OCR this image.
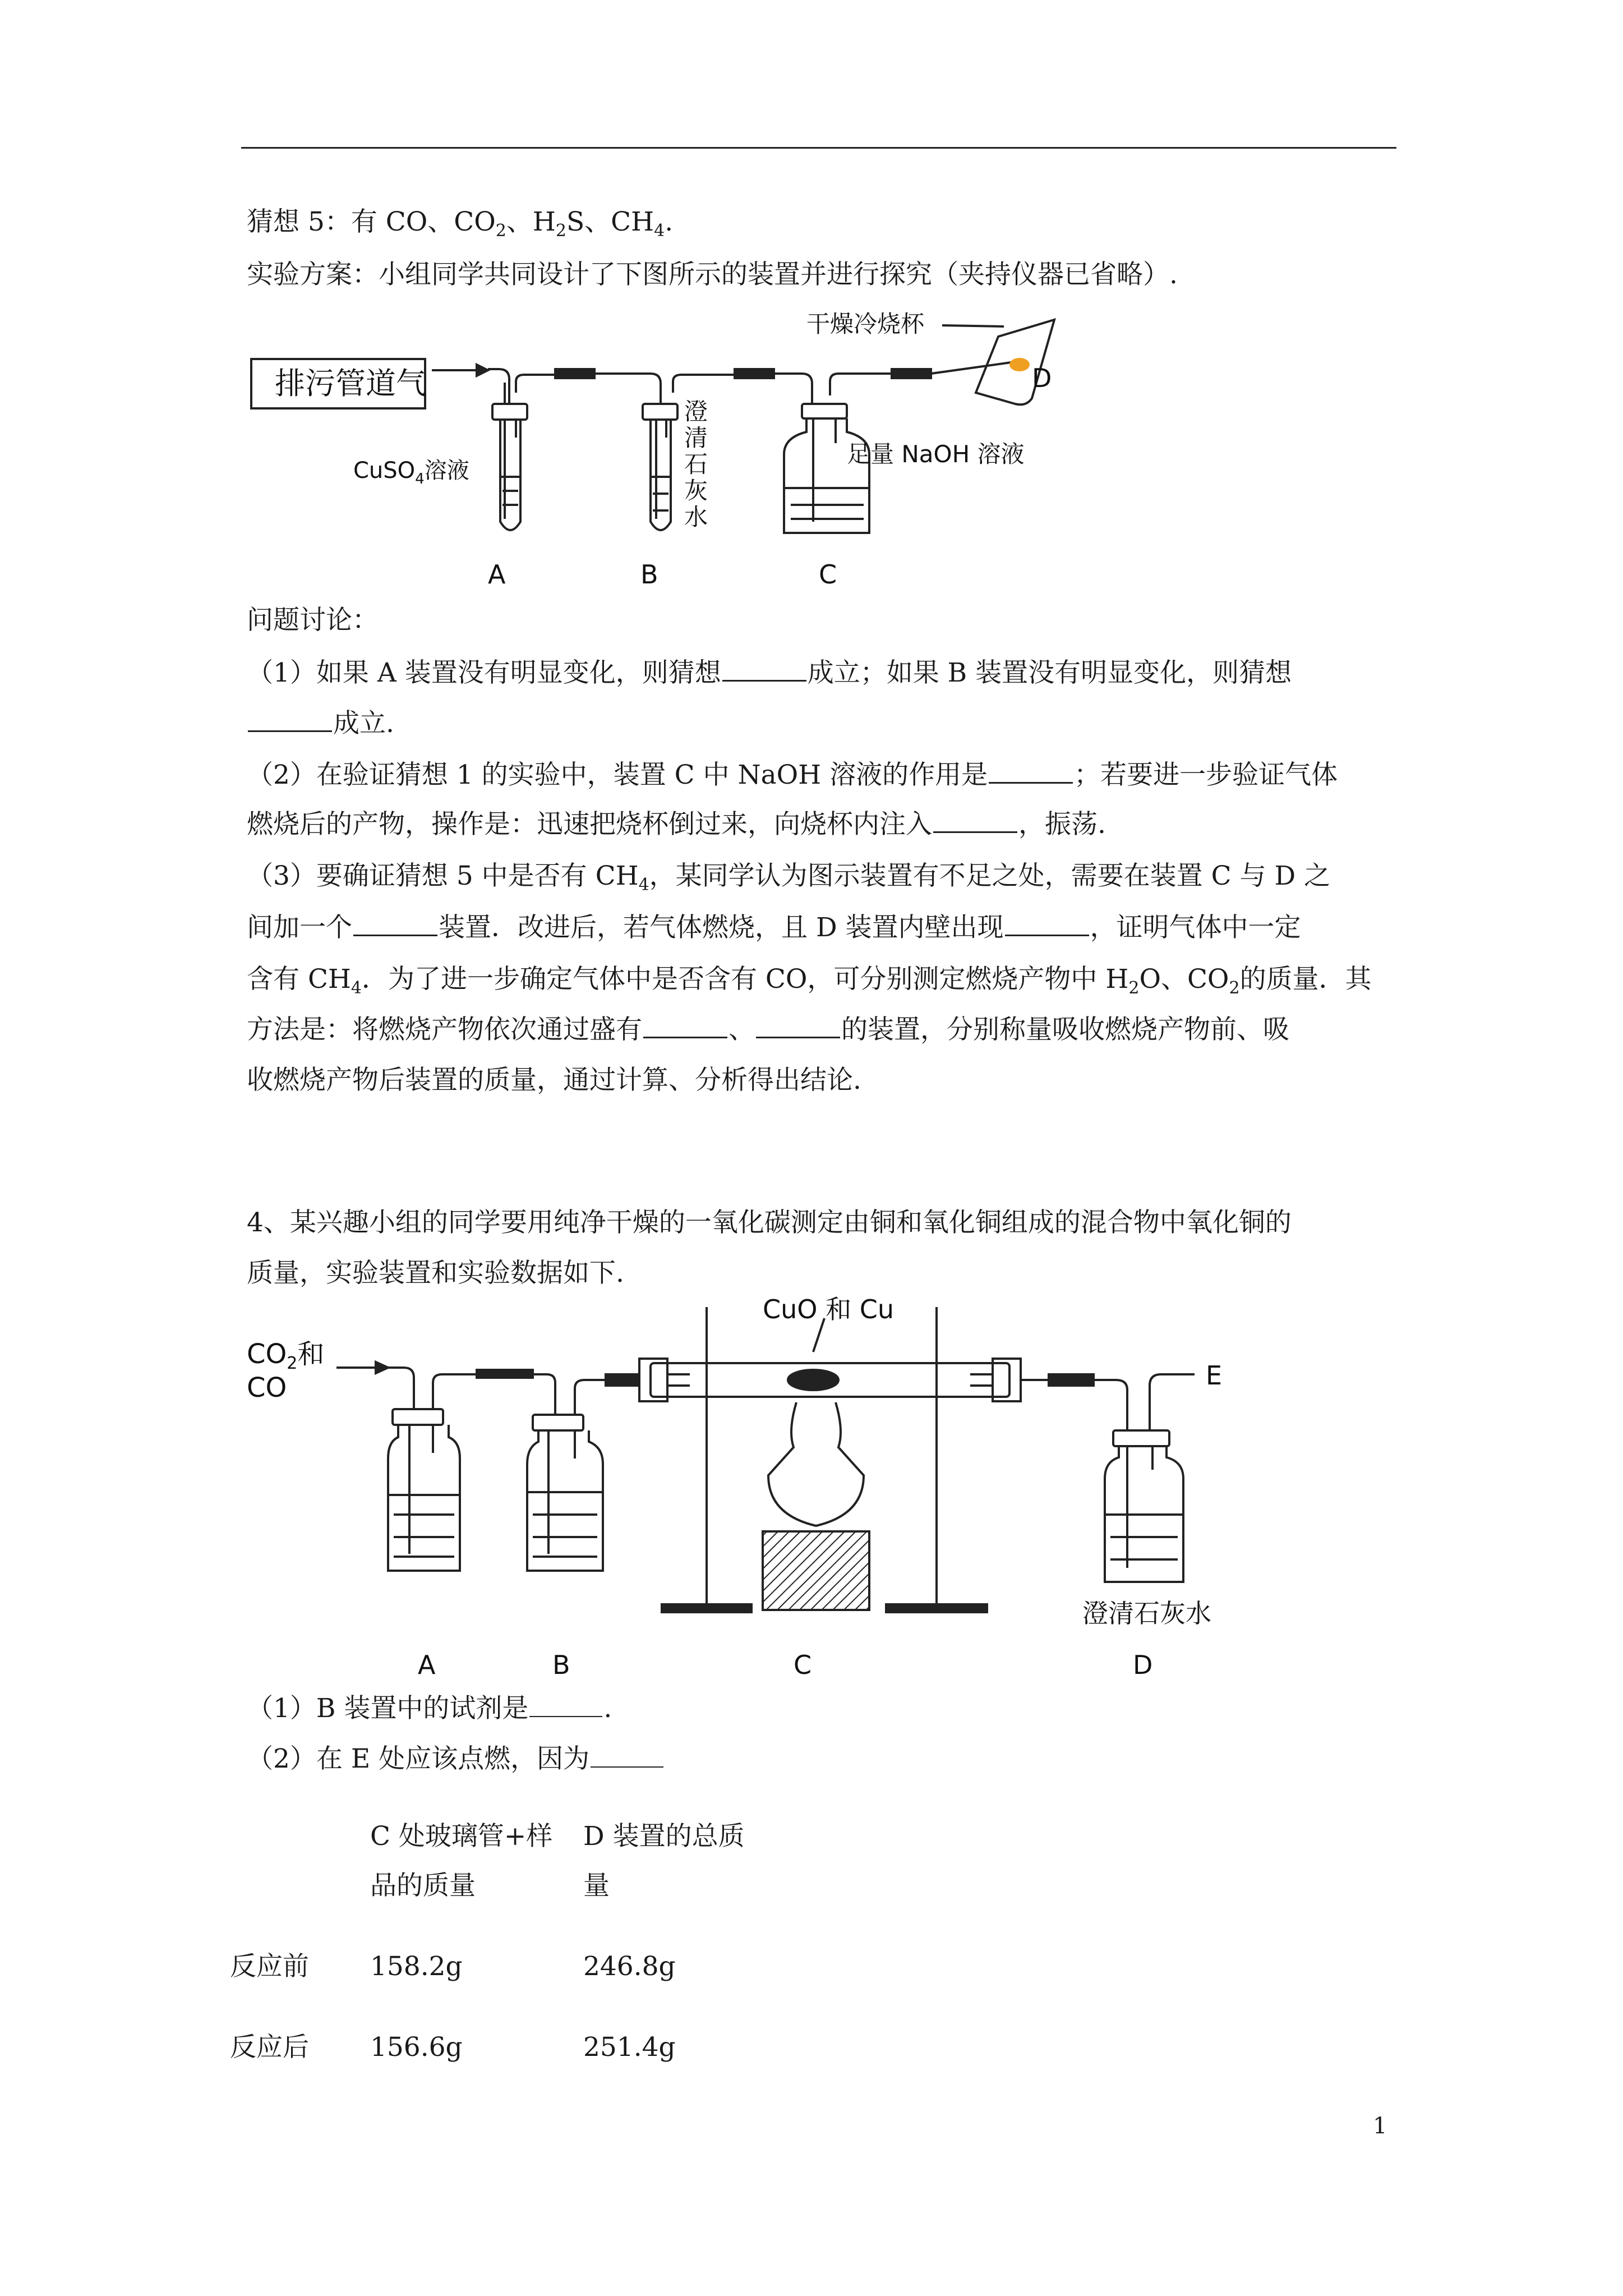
猜想 5：有 CO、$CO_2$、$H_2S$、$CH_4$.
实验方案：小组同学共同设计了下图所示的装置并进行探究（夹持仪器已省略）.
排污管道气
干燥冷烧杯
D
CuSO$_4$溶液
澄
清
石
灰
水
足量 NaOH 溶液
A	B	C
问题讨论：
（1）如果 A 装置没有明显变化，则猜想	成立；如果 B 装置没有明显变化，则猜想
成立.
（2）在验证猜想 1 的实验中，装置 C 中 NaOH 溶液的作用是	；若要进一步验证气体
燃烧后的产物，操作是：迅速把烧杯倒过来，向烧杯内注入	，振荡.
（3）要确证猜想 5 中是否有 $CH_4$，某同学认为图示装置有不足之处，需要在装置 C 与 D 之
间加一个	装置．改进后，若气体燃烧，且 D 装置内壁出现	，证明气体中一定
含有 $CH_4$．为了进一步确定气体中是否含有 CO，可分别测定燃烧产物中 $H_2O$、$CO_2$的质量．其
方法是：将燃烧产物依次通过盛有	、	的装置，分别称量吸收燃烧产物前、吸
收燃烧产物后装置的质量，通过计算、分析得出结论.
4、某兴趣小组的同学要用纯净干燥的一氧化碳测定由铜和氧化铜组成的混合物中氧化铜的
质量，实验装置和实验数据如下.
$CO_2$和
CO
CuO 和 Cu
E
澄清石灰水
A	B	C	D
（1）B 装置中的试剂是	.
（2）在 E 处应该点燃，因为
C 处玻璃管+样
品的质量
D 装置的总质
量
反应前 158.2g	246.8g
反应后 156.6g	251.4g
1
